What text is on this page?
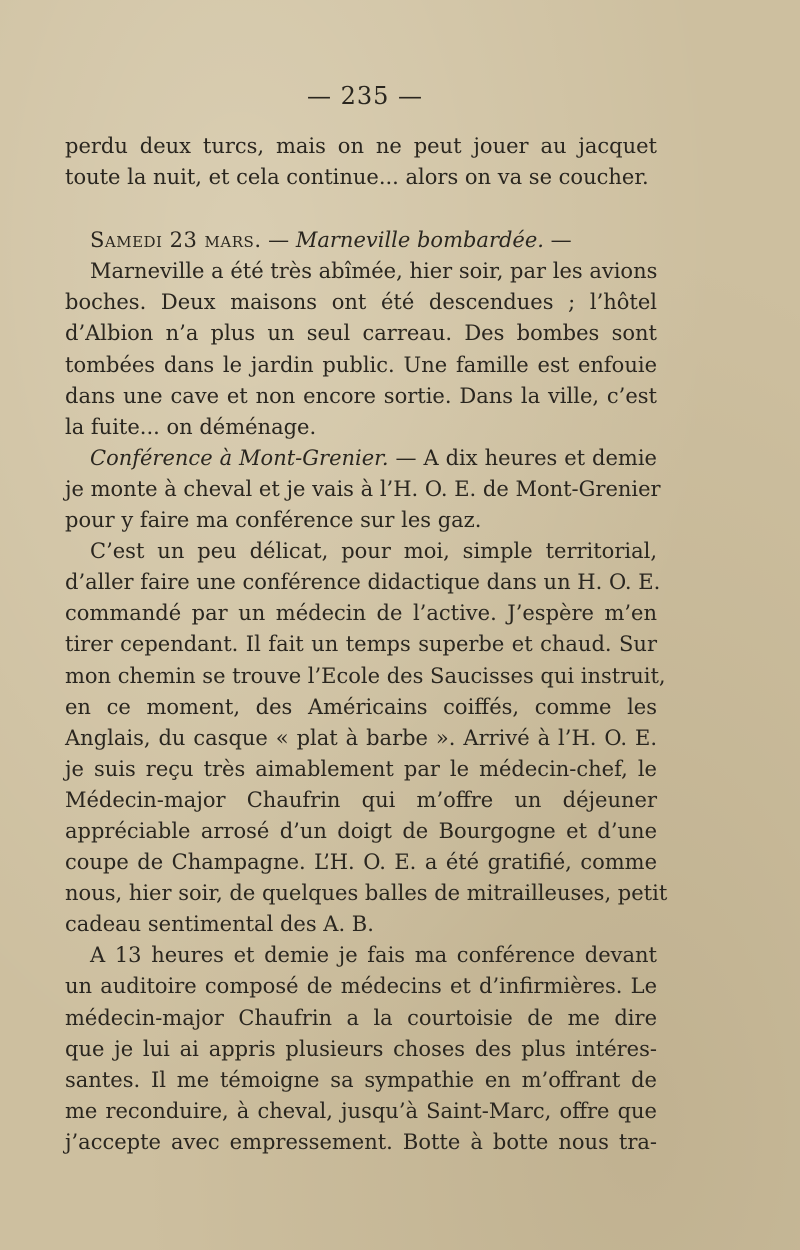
— 235 —
perdu deux turcs, mais on ne peut jouer au jacquet
toute la nuit, et cela continue... alors on va se coucher.
Samedi 23 mars. — Marneville bombardée. —
Marneville a été très abîmée, hier soir, par les avions
boches. Deux maisons ont été descendues ; l’hôtel
d’Albion n’a plus un seul carreau. Des bombes sont
tombées dans le jardin public. Une famille est enfouie
dans une cave et non encore sortie. Dans la ville, c’est
la fuite... on déménage.
Conférence à Mont-Grenier. — A dix heures et demie
je monte à cheval et je vais à l’H. O. E. de Mont-Grenier
pour y faire ma conférence sur les gaz.
C’est un peu délicat, pour moi, simple territorial,
d’aller faire une conférence didactique dans un H. O. E.
commandé par un médecin de l’active. J’espère m’en
tirer cependant. Il fait un temps superbe et chaud. Sur
mon chemin se trouve l’Ecole des Saucisses qui instruit,
en ce moment, des Américains coiffés, comme les
Anglais, du casque « plat à barbe ». Arrivé à l’H. O. E.
je suis reçu très aimablement par le médecin-chef, le
Médecin-major Chaufrin qui m’offre un déjeuner
appréciable arrosé d’un doigt de Bourgogne et d’une
coupe de Champagne. L’H. O. E. a été gratifié, comme
nous, hier soir, de quelques balles de mitrailleuses, petit
cadeau sentimental des A. B.
A 13 heures et demie je fais ma conférence devant
un auditoire composé de médecins et d’infirmières. Le
médecin-major Chaufrin a la courtoisie de me dire
que je lui ai appris plusieurs choses des plus intéres-
santes. Il me témoigne sa sympathie en m’offrant de
me reconduire, à cheval, jusqu’à Saint-Marc, offre que
j’accepte avec empressement. Botte à botte nous tra-
